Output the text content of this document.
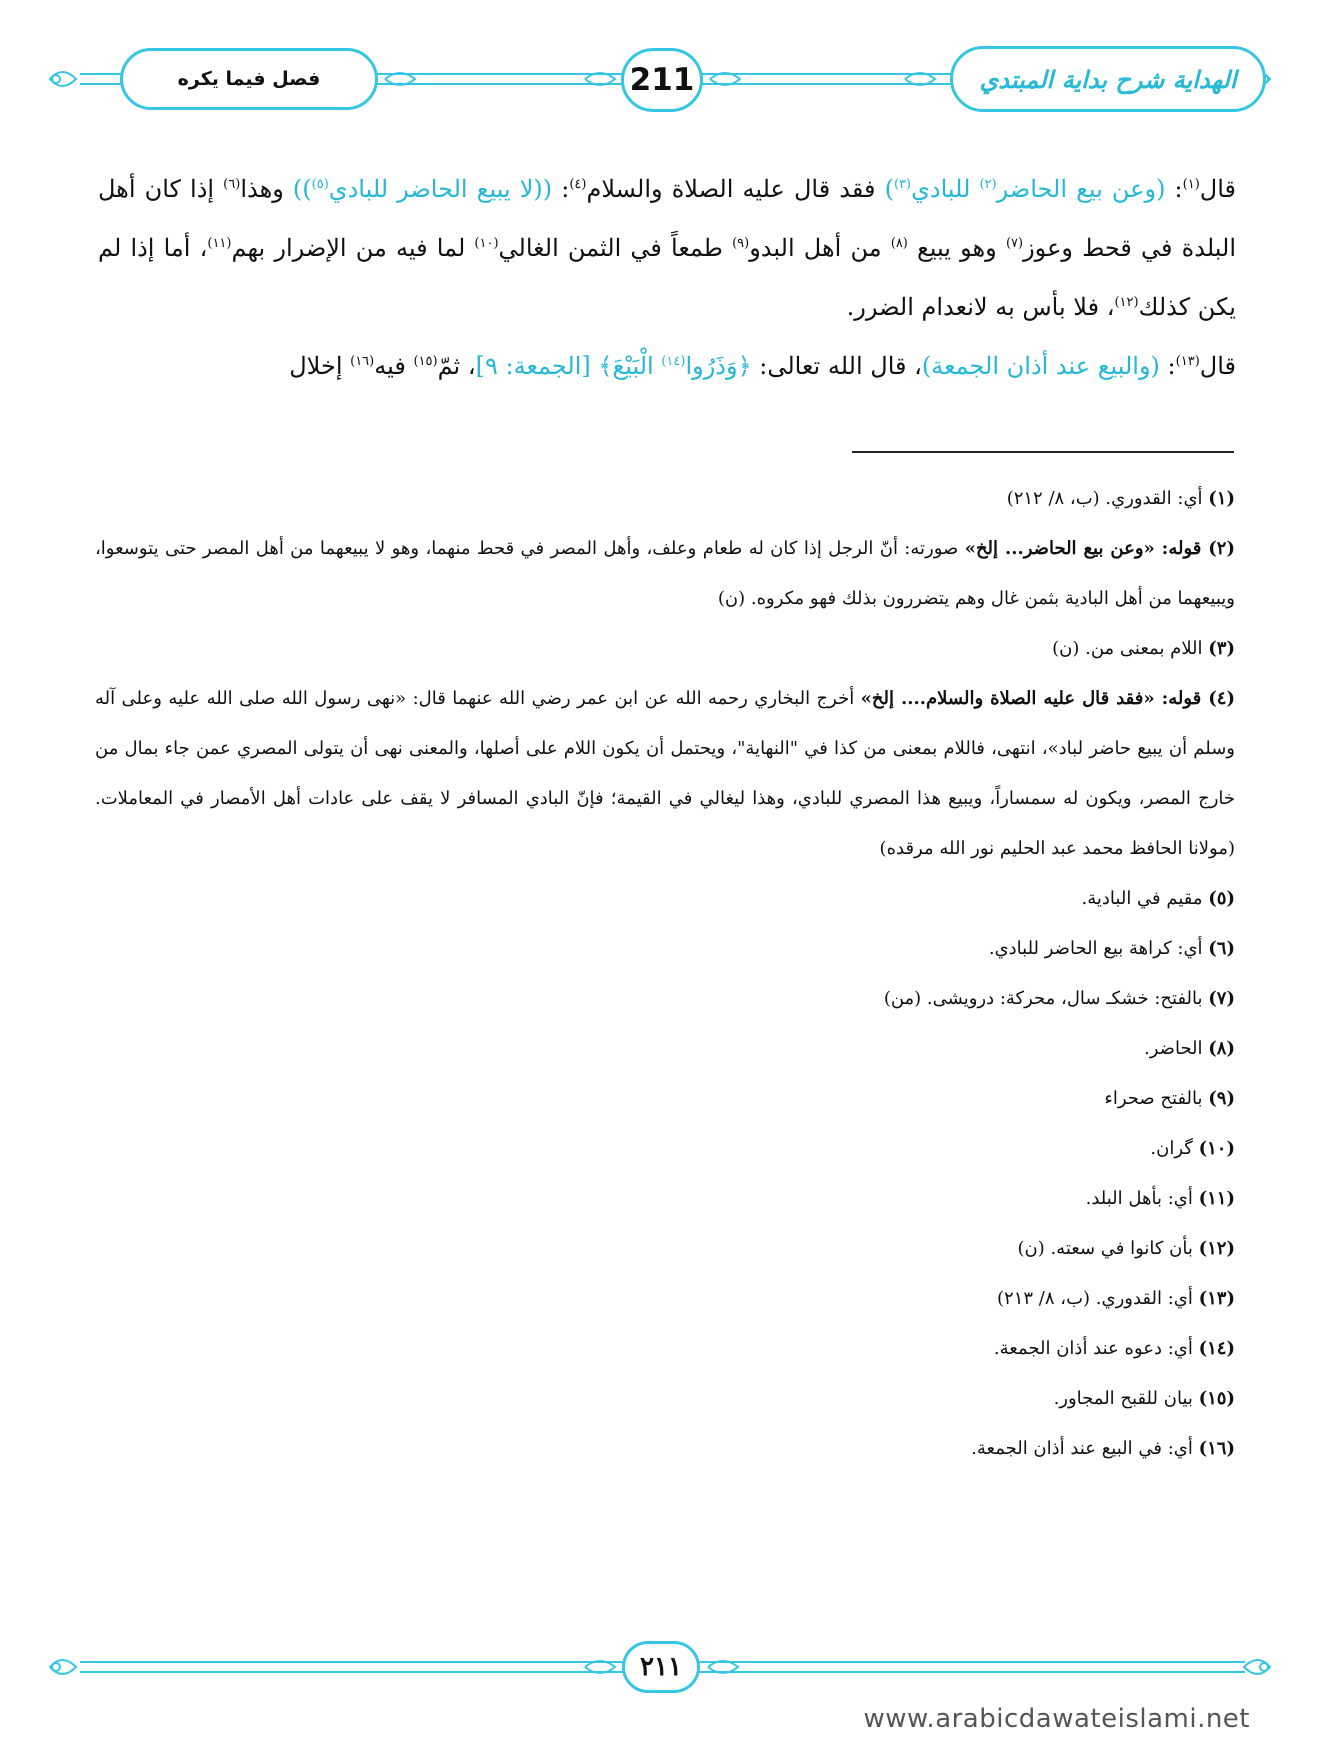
فصل فيما يكره	211	الهداية شرح بداية المبتدي

قال$^{(١)}$: (وعن بيع الحاضر$^{(٢)}$ للبادي$^{(٣)}$) فقد قال عليه الصلاة والسلام$^{(٤)}$: ((لا يبيع الحاضر للبادي$^{(٥)}$)) وهذا$^{(٦)}$ إذا كان أهل البلدة في قحط وعوز$^{(٧)}$ وهو يبيع $^{(٨)}$ من أهل البدو$^{(٩)}$ طمعاً في الثمن الغالي$^{(١٠)}$ لما فيه من الإضرار بهم$^{(١١)}$، أما إذا لم يكن كذلك$^{(١٢)}$، فلا بأس به لانعدام الضرر.

قال$^{(١٣)}$: (والبيع عند أذان الجمعة)، قال الله تعالى: ﴿وَذَرُوا$^{(١٤)}$ الْبَيْعَ﴾ [الجمعة: ٩]، ثمّ$^{(١٥)}$ فيه$^{(١٦)}$ إخلال

(١) أي: القدوري. (ب، ٨/ ٢١٢)

(٢) قوله: «وعن بيع الحاضر... إلخ» صورته: أنّ الرجل إذا كان له طعام وعلف، وأهل المصر في قحط منهما، وهو لا يبيعهما من أهل المصر حتى يتوسعوا، ويبيعهما من أهل البادية بثمن غال وهم يتضررون بذلك فهو مكروه. (ن)

(٣) اللام بمعنى من. (ن)

(٤) قوله: «فقد قال عليه الصلاة والسلام.... إلخ» أخرج البخاري رحمه الله عن ابن عمر رضي الله عنهما قال: «نهى رسول الله صلى الله عليه وعلى آله وسلم أن يبيع حاضر لباد»، انتهى، فاللام بمعنى من كذا في "النهاية"، ويحتمل أن يكون اللام على أصلها، والمعنى نهى أن يتولى المصري عمن جاء بمال من خارج المصر، ويكون له سمساراً، ويبيع هذا المصري للبادي، وهذا ليغالي في القيمة؛ فإنّ البادي المسافر لا يقف على عادات أهل الأمصار في المعاملات. (مولانا الحافظ محمد عبد الحليم نور الله مرقده)

(٥) مقيم في البادية.

(٦) أي: كراهة بيع الحاضر للبادي.

(٧) بالفتح: خشكـ سال، محركة: درويشى. (من)

(٨) الحاضر.

(٩) بالفتح صحراء

(١٠) گران.

(١١) أي: بأهل البلد.

(١٢) بأن كانوا في سعته. (ن)

(١٣) أي: القدوري. (ب، ٨/ ٢١٣)

(١٤) أي: دعوه عند أذان الجمعة.

(١٥) بيان للقبح المجاور.

(١٦) أي: في البيع عند أذان الجمعة.

٢١١
www.arabicdawateislami.net
